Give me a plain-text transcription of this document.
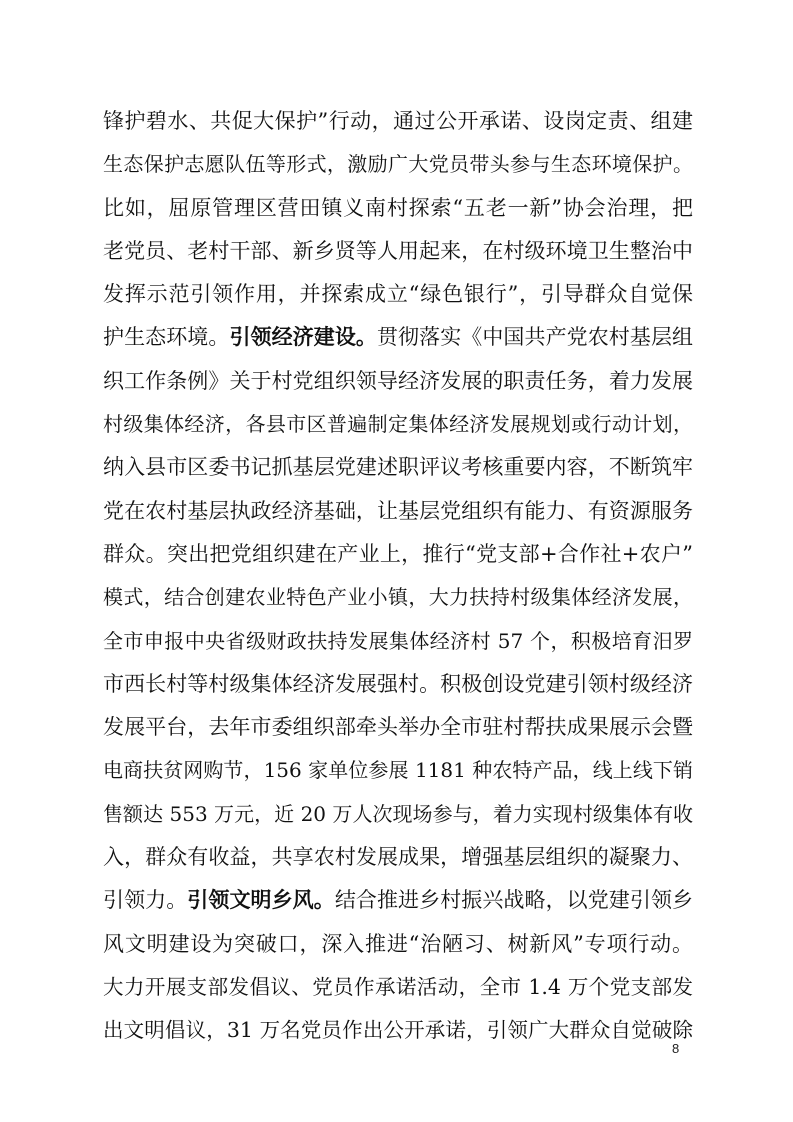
锋护碧水、共促大保护”行动，通过公开承诺、设岗定责、组建
生态保护志愿队伍等形式，激励广大党员带头参与生态环境保护。
比如，屈原管理区营田镇义南村探索“五老一新”协会治理，把
老党员、老村干部、新乡贤等人用起来，在村级环境卫生整治中
发挥示范引领作用，并探索成立“绿色银行”，引导群众自觉保
护生态环境。引领经济建设。贯彻落实《中国共产党农村基层组
织工作条例》关于村党组织领导经济发展的职责任务，着力发展
村级集体经济，各县市区普遍制定集体经济发展规划或行动计划，
纳入县市区委书记抓基层党建述职评议考核重要内容，不断筑牢
党在农村基层执政经济基础，让基层党组织有能力、有资源服务
群众。突出把党组织建在产业上，推行“党支部+合作社+农户”
模式，结合创建农业特色产业小镇，大力扶持村级集体经济发展，
全市申报中央省级财政扶持发展集体经济村 57 个，积极培育汨罗
市西长村等村级集体经济发展强村。积极创设党建引领村级经济
发展平台，去年市委组织部牵头举办全市驻村帮扶成果展示会暨
电商扶贫网购节，156 家单位参展 1181 种农特产品，线上线下销
售额达 553 万元，近 20 万人次现场参与，着力实现村级集体有收
入，群众有收益，共享农村发展成果，增强基层组织的凝聚力、
引领力。引领文明乡风。结合推进乡村振兴战略，以党建引领乡
风文明建设为突破口，深入推进“治陋习、树新风”专项行动。
大力开展支部发倡议、党员作承诺活动，全市 1.4 万个党支部发
出文明倡议，31 万名党员作出公开承诺，引领广大群众自觉破除
8
